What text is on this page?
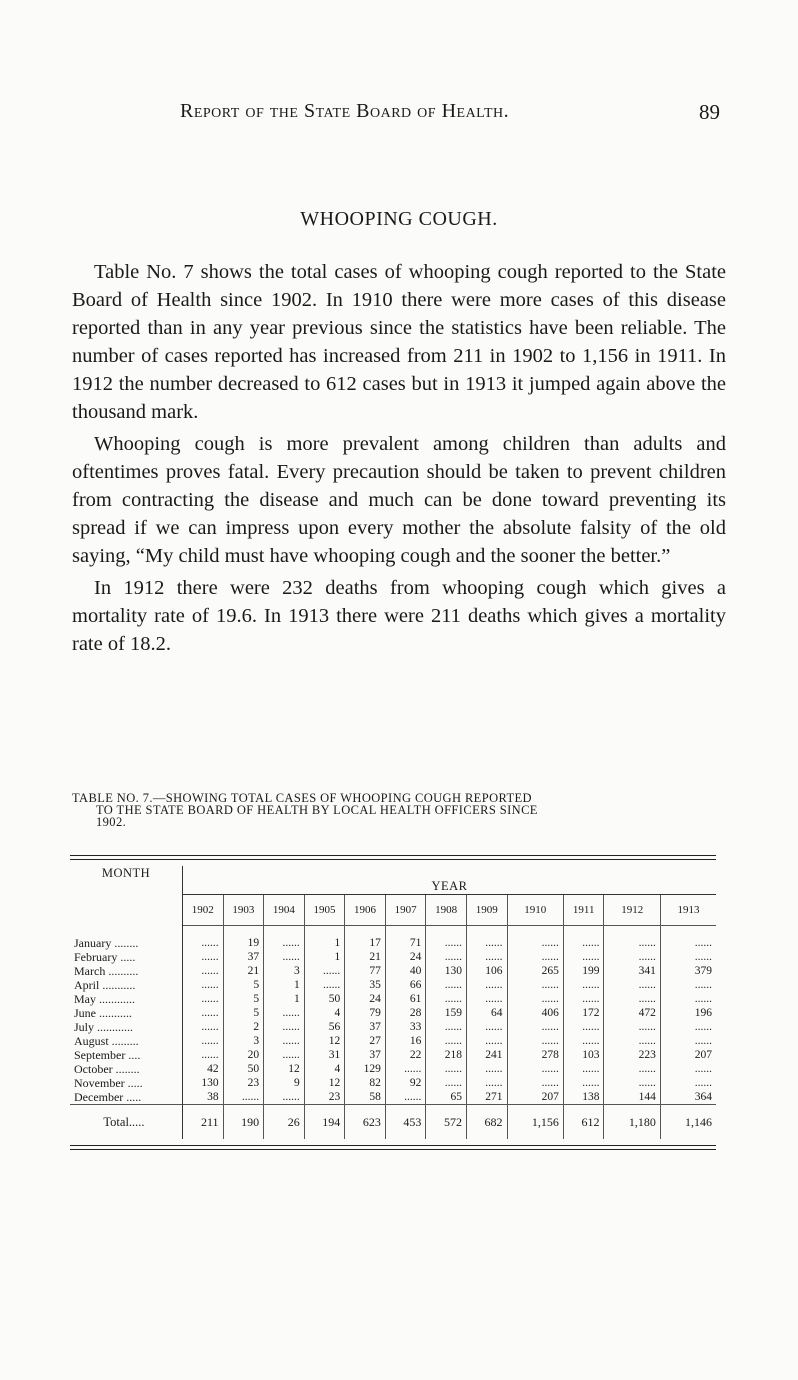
Report of the State Board of Health.	89
WHOOPING COUGH.

Table No. 7 shows the total cases of whooping cough reported to the State Board of Health since 1902. In 1910 there were more cases of this disease reported than in any year previous since the statistics have been reliable. The number of cases reported has increased from 211 in 1902 to 1,156 in 1911. In 1912 the number decreased to 612 cases but in 1913 it jumped again above the thousand mark.

Whooping cough is more prevalent among children than adults and oftentimes proves fatal. Every precaution should be taken to prevent children from contracting the disease and much can be done toward preventing its spread if we can impress upon every mother the absolute falsity of the old saying, “My child must have whooping cough and the sooner the better.”

In 1912 there were 232 deaths from whooping cough which gives a mortality rate of 19.6. In 1913 there were 211 deaths which gives a mortality rate of 18.2.

TABLE NO. 7.—SHOWING TOTAL CASES OF WHOOPING COUGH REPORTED
TO THE STATE BOARD OF HEALTH BY LOCAL HEALTH OFFICERS SINCE
1902.
MONTH	YEAR											
	1902	1903	1904	1905	1906	1907	1908	1909	1910	1911	1912	1913

January ........	......	19	......	1	17	71	......	......	......	......	......	......
February .....	......	37	......	1	21	24	......	......	......	......	......	......
March ..........	......	21	3	......	77	40	130	106	265	199	341	379
April ...........	......	5	1	......	35	66	......	......	......	......	......	......
May ............	......	5	1	50	24	61	......	......	......	......	......	......
June ...........	......	5	......	4	79	28	159	64	406	172	472	196
July ............	......	2	......	56	37	33	......	......	......	......	......	......
August .........	......	3	......	12	27	16	......	......	......	......	......	......
September ....	......	20	......	31	37	22	218	241	278	103	223	207
October ........	42	50	12	4	129	......	......	......	......	......	......	......
November .....	130	23	9	12	82	92	......	......	......	......	......	......
December .....	38	......	......	23	58	......	65	271	207	138	144	364
Total.....	211	190	26	194	623	453	572	682	1,156	612	1,180	1,146
